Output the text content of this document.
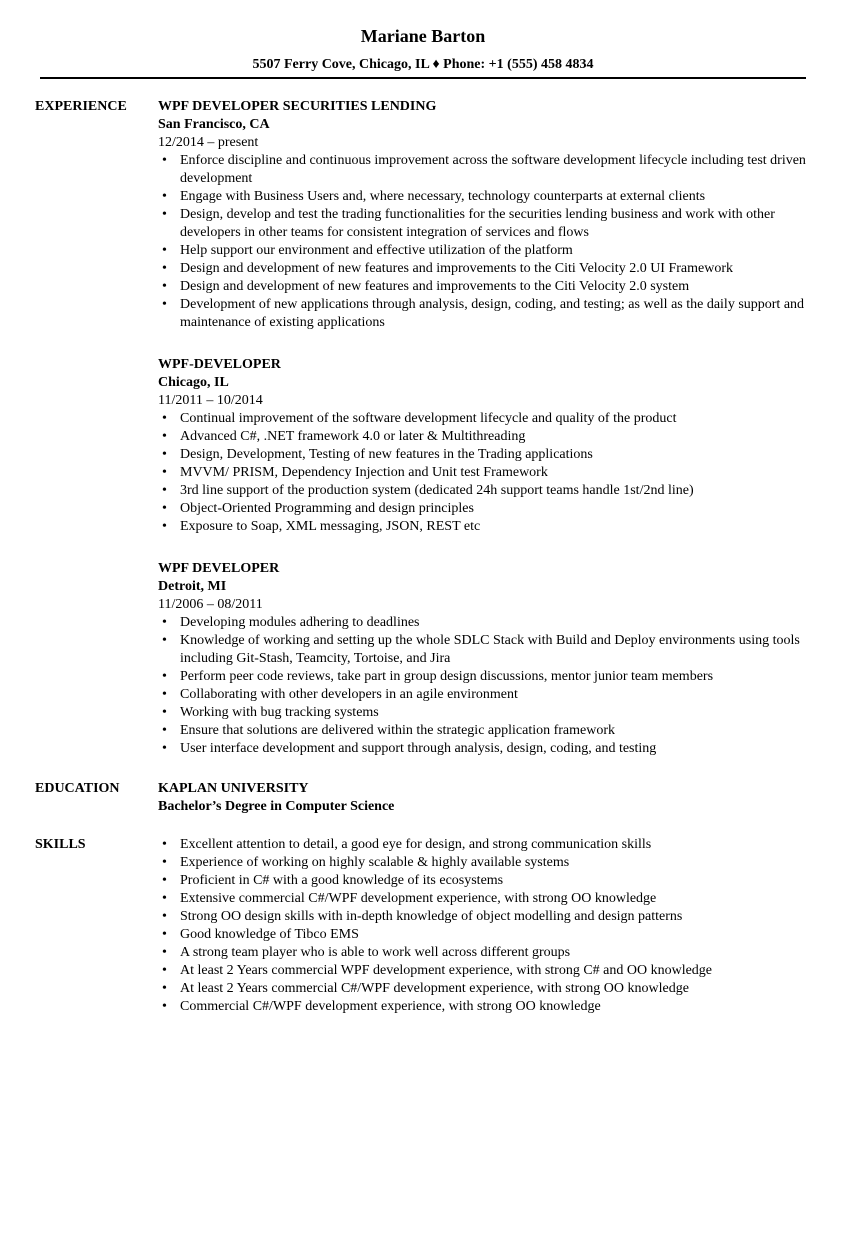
Mariane Barton
5507 Ferry Cove, Chicago, IL ♦ Phone: +1 (555) 458 4834
EXPERIENCE WPF DEVELOPER SECURITIES LENDING
San Francisco, CA
12/2014 – present
• Enforce discipline and continuous improvement across the software development lifecycle including test driven development
• Engage with Business Users and, where necessary, technology counterparts at external clients
• Design, develop and test the trading functionalities for the securities lending business and work with other developers in other teams for consistent integration of services and flows
• Help support our environment and effective utilization of the platform
• Design and development of new features and improvements to the Citi Velocity 2.0 UI Framework
• Design and development of new features and improvements to the Citi Velocity 2.0 system
• Development of new applications through analysis, design, coding, and testing; as well as the daily support and maintenance of existing applications
WPF-DEVELOPER
Chicago, IL
11/2011 – 10/2014
• Continual improvement of the software development lifecycle and quality of the product
• Advanced C#, .NET framework 4.0 or later & Multithreading
• Design, Development, Testing of new features in the Trading applications
• MVVM/ PRISM, Dependency Injection and Unit test Framework
• 3rd line support of the production system (dedicated 24h support teams handle 1st/2nd line)
• Object-Oriented Programming and design principles
• Exposure to Soap, XML messaging, JSON, REST etc
WPF DEVELOPER
Detroit, MI
11/2006 – 08/2011
• Developing modules adhering to deadlines
• Knowledge of working and setting up the whole SDLC Stack with Build and Deploy environments using tools including Git-Stash, Teamcity, Tortoise, and Jira
• Perform peer code reviews, take part in group design discussions, mentor junior team members
• Collaborating with other developers in an agile environment
• Working with bug tracking systems
• Ensure that solutions are delivered within the strategic application framework
• User interface development and support through analysis, design, coding, and testing
EDUCATION	KAPLAN UNIVERSITY
Bachelor’s Degree in Computer Science
SKILLS
•	Excellent attention to detail, a good eye for design, and strong communication skills
• Experience of working on highly scalable & highly available systems
• Proficient in C# with a good knowledge of its ecosystems
• Extensive commercial C#/WPF development experience, with strong OO knowledge
• Strong OO design skills with in-depth knowledge of object modelling and design patterns
• Good knowledge of Tibco EMS
• A strong team player who is able to work well across different groups
• At least 2 Years commercial WPF development experience, with strong C# and OO knowledge
• At least 2 Years commercial C#/WPF development experience, with strong OO knowledge
• Commercial C#/WPF development experience, with strong OO knowledge
